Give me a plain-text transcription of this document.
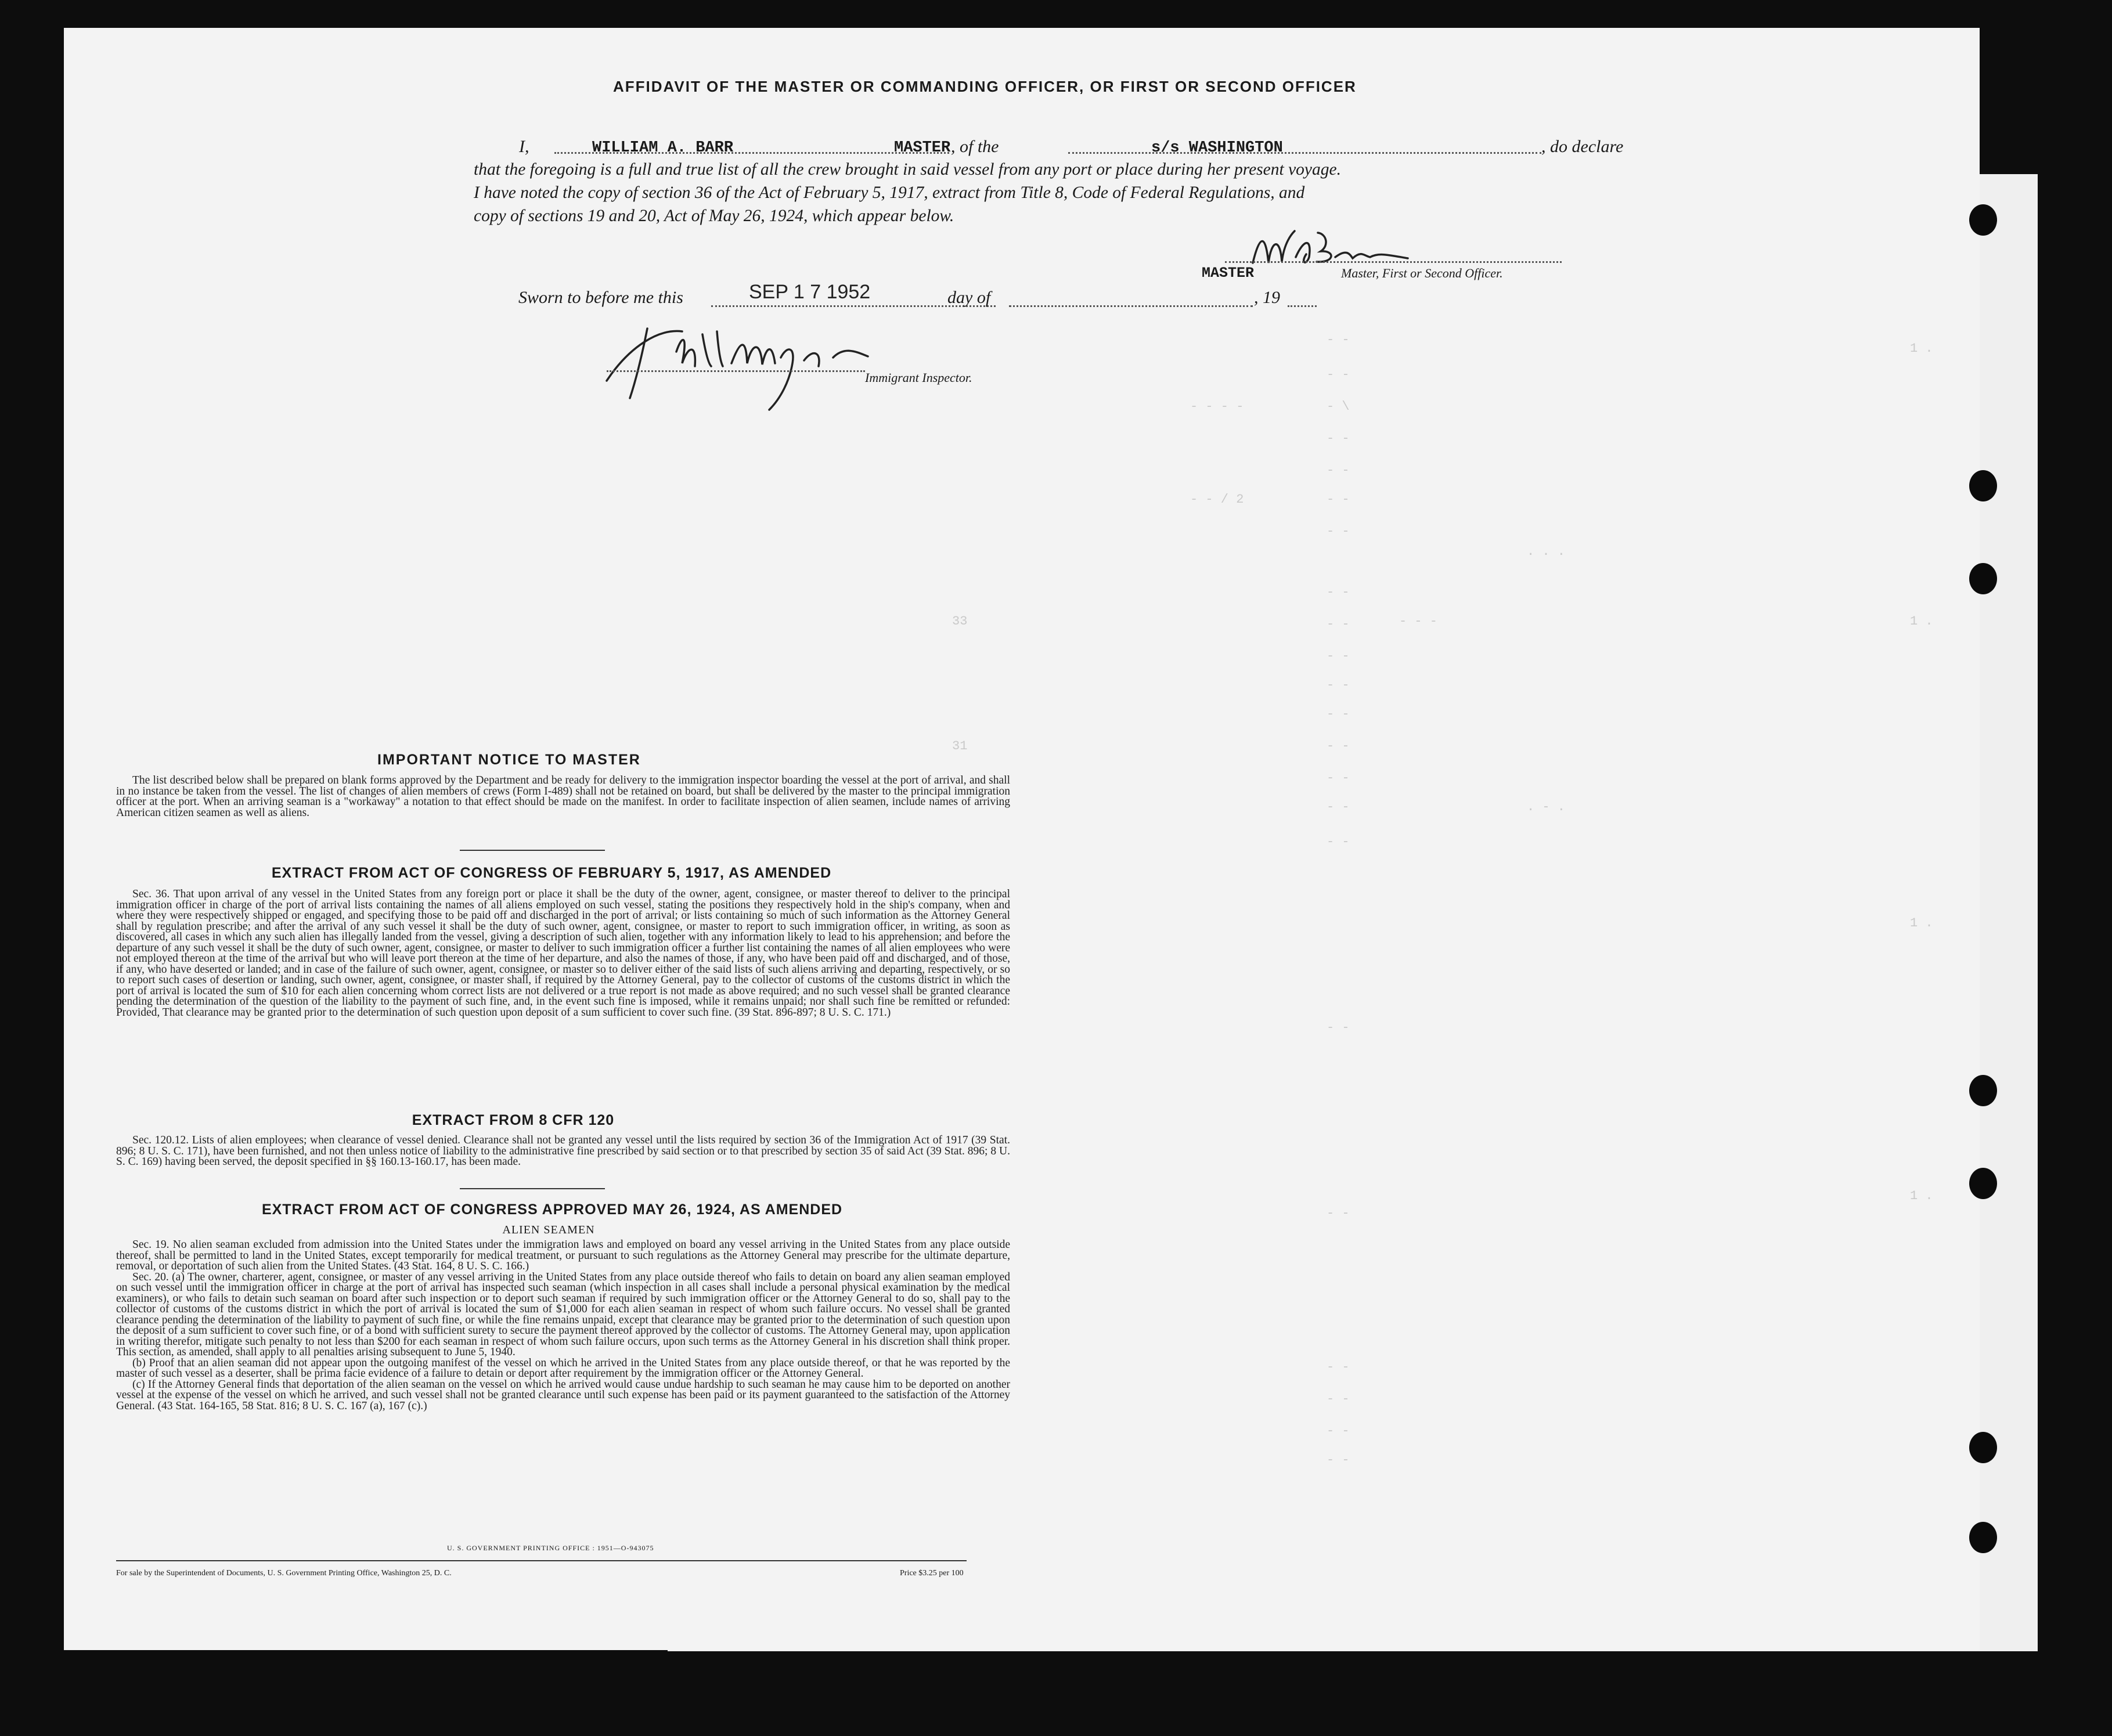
- -
- -
- \
- -
- -
- -
- -
- -
- -
- -
- -
- -
- -
- -
- -
- -
- -
- -
- -
- -
- -
- -
- - - -
- - / 2
33
31
- - -
. - .
. . .
1 .
1 .
1 .
1 .
AFFIDAVIT OF THE MASTER OR COMMANDING OFFICER, OR FIRST OR SECOND OFFICER
I,	WILLIAM A. BARR	MASTER , of the	s/s WASHINGTON	, do declare
that the foregoing is a full and true list of all the crew brought in said vessel from any port or place during her present voyage.
I have noted the copy of section 36 of the Act of February 5, 1917, extract from Title 8, Code of Federal Regulations, and
copy of sections 19 and 20, Act of May 26, 1924, which appear below.
MASTER	Master, First or Second Officer.
Sworn to before me this	SEP 1 7 1952	day of	, 19
Immigrant Inspector.
IMPORTANT NOTICE TO MASTER

The list described below shall be prepared on blank forms approved by the Department and be ready for delivery to the immigration inspector boarding the vessel at the port of arrival, and shall in no instance be taken from the vessel. The list of changes of alien members of crews (Form I-489) shall not be retained on board, but shall be delivered by the master to the principal immigration officer at the port. When an arriving seaman is a "workaway" a notation to that effect should be made on the manifest. In order to facilitate inspection of alien seamen, include names of arriving American citizen seamen as well as aliens.

EXTRACT FROM ACT OF CONGRESS OF FEBRUARY 5, 1917, AS AMENDED

Sec. 36. That upon arrival of any vessel in the United States from any foreign port or place it shall be the duty of the owner, agent, consignee, or master thereof to deliver to the principal immigration officer in charge of the port of arrival lists containing the names of all aliens employed on such vessel, stating the positions they respectively hold in the ship's company, when and where they were respectively shipped or engaged, and specifying those to be paid off and discharged in the port of arrival; or lists containing so much of such information as the Attorney General shall by regulation prescribe; and after the arrival of any such vessel it shall be the duty of such owner, agent, consignee, or master to report to such immigration officer, in writing, as soon as discovered, all cases in which any such alien has illegally landed from the vessel, giving a description of such alien, together with any information likely to lead to his apprehension; and before the departure of any such vessel it shall be the duty of such owner, agent, consignee, or master to deliver to such immigration officer a further list containing the names of all alien employees who were not employed thereon at the time of the arrival but who will leave port thereon at the time of her departure, and also the names of those, if any, who have been paid off and discharged, and of those, if any, who have deserted or landed; and in case of the failure of such owner, agent, consignee, or master so to deliver either of the said lists of such aliens arriving and departing, respectively, or so to report such cases of desertion or landing, such owner, agent, consignee, or master shall, if required by the Attorney General, pay to the collector of customs of the customs district in which the port of arrival is located the sum of $10 for each alien concerning whom correct lists are not delivered or a true report is not made as above required; and no such vessel shall be granted clearance pending the determination of the question of the liability to the payment of such fine, and, in the event such fine is imposed, while it remains unpaid; nor shall such fine be remitted or refunded: Provided, That clearance may be granted prior to the determination of such question upon deposit of a sum sufficient to cover such fine. (39 Stat. 896-897; 8 U. S. C. 171.)

EXTRACT FROM 8 CFR 120

Sec. 120.12. Lists of alien employees; when clearance of vessel denied. Clearance shall not be granted any vessel until the lists required by section 36 of the Immigration Act of 1917 (39 Stat. 896; 8 U. S. C. 171), have been furnished, and not then unless notice of liability to the administrative fine prescribed by said section or to that prescribed by section 35 of said Act (39 Stat. 896; 8 U. S. C. 169) having been served, the deposit specified in §§ 160.13-160.17, has been made.

EXTRACT FROM ACT OF CONGRESS APPROVED MAY 26, 1924, AS AMENDED
ALIEN SEAMEN

Sec. 19. No alien seaman excluded from admission into the United States under the immigration laws and employed on board any vessel arriving in the United States from any place outside thereof, shall be permitted to land in the United States, except temporarily for medical treatment, or pursuant to such regulations as the Attorney General may prescribe for the ultimate departure, removal, or deportation of such alien from the United States. (43 Stat. 164, 8 U. S. C. 166.)

Sec. 20. (a) The owner, charterer, agent, consignee, or master of any vessel arriving in the United States from any place outside thereof who fails to detain on board any alien seaman employed on such vessel until the immigration officer in charge at the port of arrival has inspected such seaman (which inspection in all cases shall include a personal physical examination by the medical examiners), or who fails to detain such seaman on board after such inspection or to deport such seaman if required by such immigration officer or the Attorney General to do so, shall pay to the collector of customs of the customs district in which the port of arrival is located the sum of $1,000 for each alien seaman in respect of whom such failure occurs. No vessel shall be granted clearance pending the determination of the liability to payment of such fine, or while the fine remains unpaid, except that clearance may be granted prior to the determination of such question upon the deposit of a sum sufficient to cover such fine, or of a bond with sufficient surety to secure the payment thereof approved by the collector of customs. The Attorney General may, upon application in writing therefor, mitigate such penalty to not less than $200 for each seaman in respect of whom such failure occurs, upon such terms as the Attorney General in his discretion shall think proper. This section, as amended, shall apply to all penalties arising subsequent to June 5, 1940.

(b) Proof that an alien seaman did not appear upon the outgoing manifest of the vessel on which he arrived in the United States from any place outside thereof, or that he was reported by the master of such vessel as a deserter, shall be prima facie evidence of a failure to detain or deport after requirement by the immigration officer or the Attorney General.

(c) If the Attorney General finds that deportation of the alien seaman on the vessel on which he arrived would cause undue hardship to such seaman he may cause him to be deported on another vessel at the expense of the vessel on which he arrived, and such vessel shall not be granted clearance until such expense has been paid or its payment guaranteed to the satisfaction of the Attorney General. (43 Stat. 164-165, 58 Stat. 816; 8 U. S. C. 167 (a), 167 (c).)

U. S. GOVERNMENT PRINTING OFFICE : 1951—O-943075
For sale by the Superintendent of Documents, U. S. Government Printing Office, Washington 25, D. C.	Price $3.25 per 100
